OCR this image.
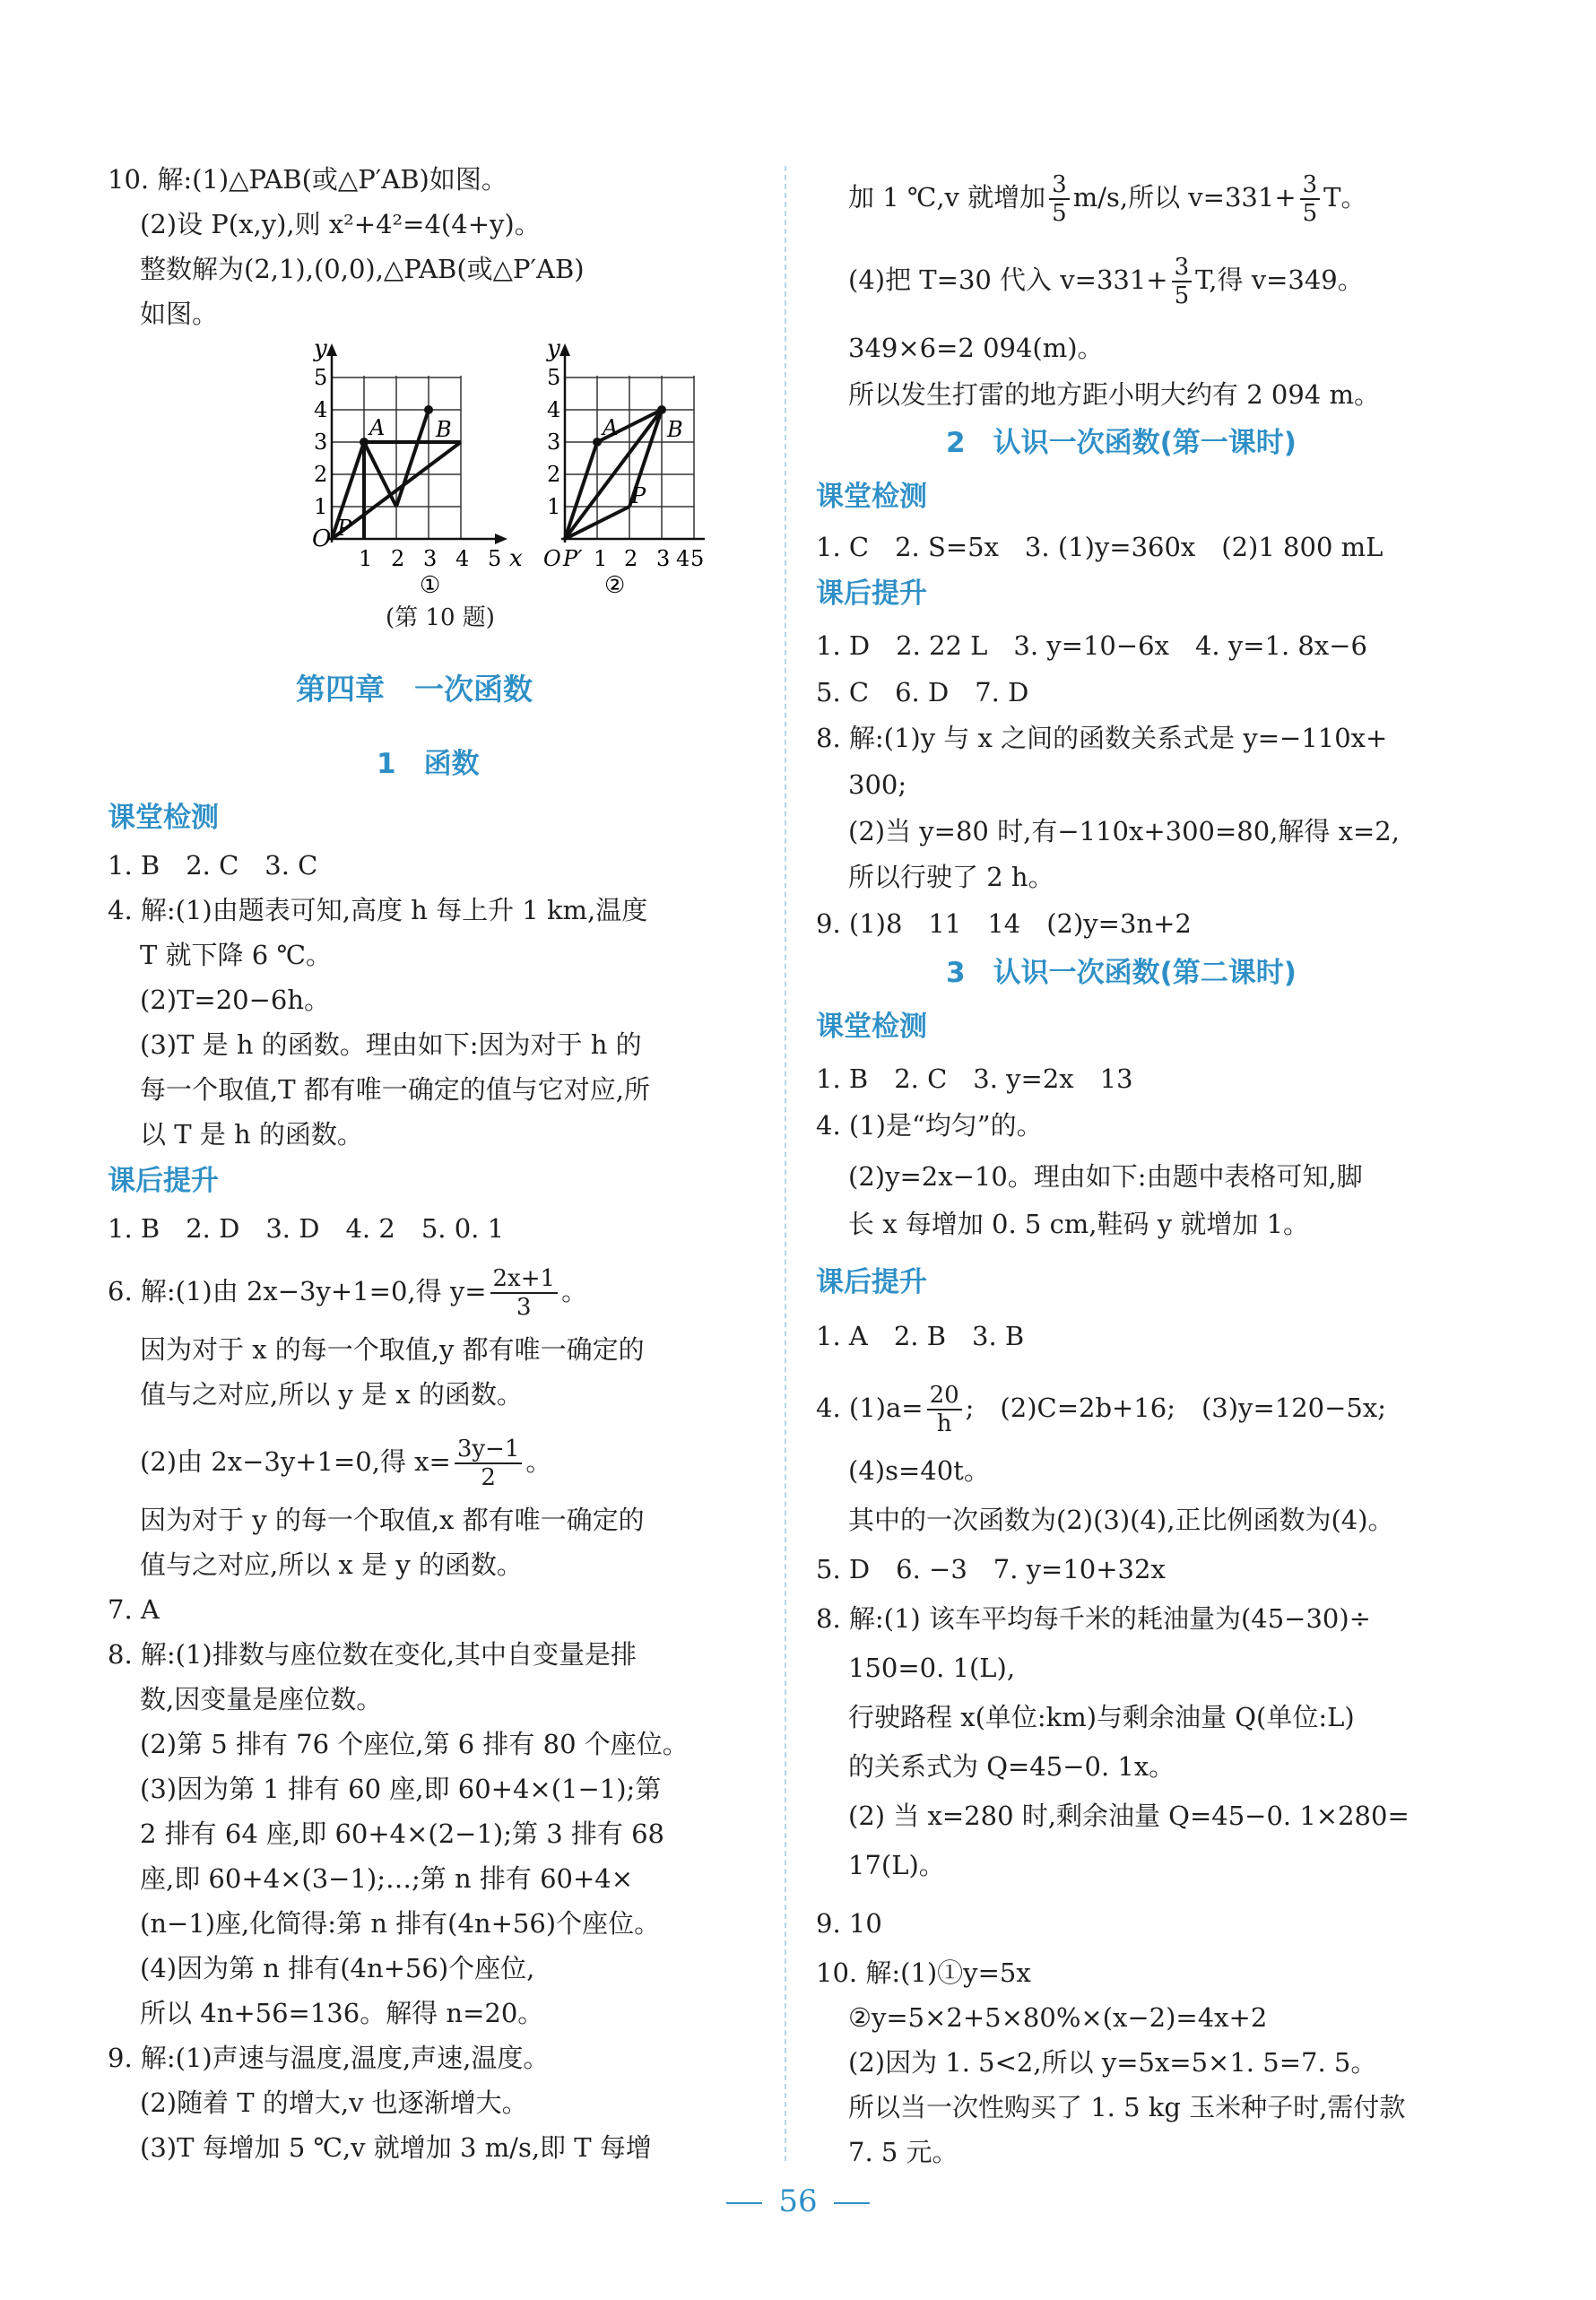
10. 解:(1)△PAB(或△P′AB)如图。
(2)设 P(x,y),则 x²+4²=4(4+y)。
整数解为(2,1),(0,0),△PAB(或△P′AB)
如图。
y
O
1
2
3
4
5
1 2 3 4 5 x
A B
P
①
y
1
2
3
4
5
O P′ 1 2 3 4 5
A B
P
②
(第 10 题)
第四章　一次函数
1　函数
课堂检测
1. B　2. C　3. C
4. 解:(1)由题表可知,高度 h 每上升 1 km,温度
T 就下降 6 ℃。
(2)T=20−6h。
(3)T 是 h 的函数。理由如下:因为对于 h 的
每一个取值,T 都有唯一确定的值与它对应,所
以 T 是 h 的函数。
课后提升
1. B　2. D　3. D　4. 2　5. 0. 1
6. 解:(1)由 2x−3y+1=0,得 $y= \frac{2x+1}{3}$ 。
因为对于 x 的每一个取值,y 都有唯一确定的
值与之对应,所以 y 是 x 的函数。
(2)由 2x−3y+1=0,得 $x= \frac{3y-1}{2}$ 。
因为对于 y 的每一个取值,x 都有唯一确定的
值与之对应,所以 x 是 y 的函数。
7. A
8. 解:(1)排数与座位数在变化,其中自变量是排
数,因变量是座位数。
(2)第 5 排有 76 个座位,第 6 排有 80 个座位。
(3)因为第 1 排有 60 座,即 60+4×(1−1);第
2 排有 64 座,即 60+4×(2−1);第 3 排有 68
座,即 60+4×(3−1);…;第 n 排有 60+4×
(n−1)座,化简得:第 n 排有(4n+56)个座位。
(4)因为第 n 排有(4n+56)个座位,
所以 4n+56=136。解得 n=20。
9. 解:(1)声速与温度,温度,声速,温度。
(2)随着 T 的增大,v 也逐渐增大。
(3)T 每增加 5 ℃,v 就增加 3 m/s,即 T 每增
加 1 ℃,v 就增加 $\frac{3}{5} m/s$,所以 $v=331+ \frac{3}{5}$ T。
(4)把 T=30 代入 $v=331+ \frac{3}{5} T$,得 v=349。
349×6=2 094(m)。
所以发生打雷的地方距小明大约有 2 094 m。
2　认识一次函数(第一课时)
课堂检测
1. C　2. S=5x　3. (1)y=360x　(2)1 800 mL
课后提升
1. D　2. 22 L　3. y=10−6x　4. y=1. 8x−6
5. C　6. D　7. D
8. 解:(1)y 与 x 之间的函数关系式是 y=−110x+
300;
(2)当 y=80 时,有−110x+300=80,解得 x=2,
所以行驶了 2 h。
9. (1)8　11　14　(2)y=3n+2
3　认识一次函数(第二课时)
课堂检测
1. B　2. C　3. y=2x　13
4. (1)是“均匀”的。
(2)y=2x−10。理由如下:由题中表格可知,脚
长 x 每增加 0. 5 cm,鞋码 y 就增加 1。
课后提升
1. A　2. B　3. B
4. $(1)a= \frac{20}{h}$ ;　(2)C=2b+16;　(3)y=120−5x;
(4)s=40t。
其中的一次函数为(2)(3)(4),正比例函数为(4)。
5. D　6. −3　7. y=10+32x
8. 解:(1) 该车平均每千米的耗油量为(45−30)÷
150=0. 1(L),
行驶路程 x(单位:km)与剩余油量 Q(单位:L)
的关系式为 Q=45−0. 1x。
(2) 当 x=280 时,剩余油量 Q=45−0. 1×280=
17(L)。
9. 10
10. 解:(1)①y=5x
②y=5×2+5×80%×(x−2)=4x+2
(2)因为 1. 5<2,所以 y=5x=5×1. 5=7. 5。
所以当一次性购买了 1. 5 kg 玉米种子时,需付款
7. 5 元。
56
